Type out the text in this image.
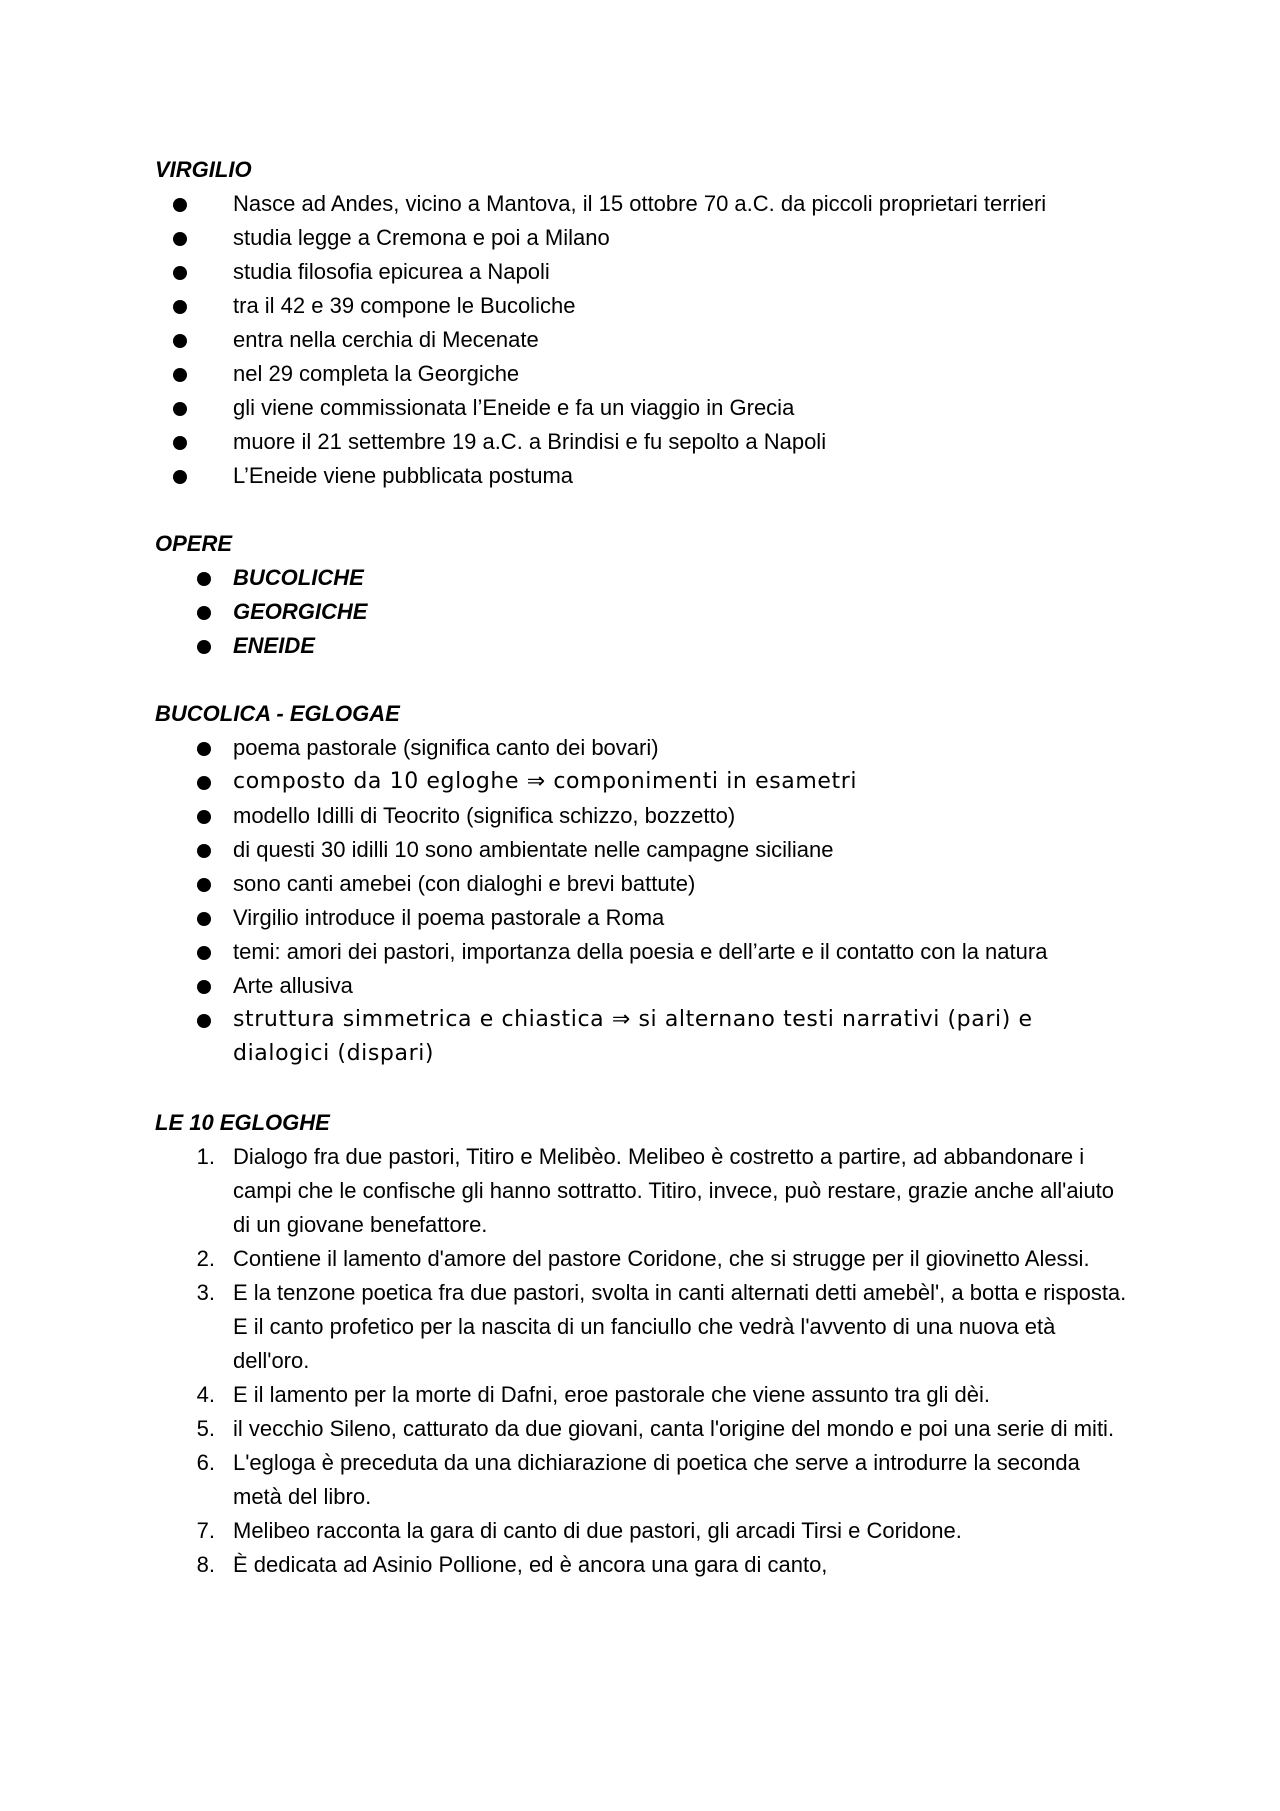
VIRGILIO
Nasce ad Andes, vicino a Mantova, il 15 ottobre 70 a.C. da piccoli proprietari terrieri
studia legge a Cremona e poi a Milano
studia filosofia epicurea a Napoli
tra il 42 e 39 compone le Bucoliche
entra nella cerchia di Mecenate
nel 29 completa la Georgiche
gli viene commissionata l’Eneide e fa un viaggio in Grecia
muore il 21 settembre 19 a.C. a Brindisi e fu sepolto a Napoli
L’Eneide viene pubblicata postuma
OPERE
BUCOLICHE
GEORGICHE
ENEIDE
BUCOLICA - EGLOGAE
poema pastorale (significa canto dei bovari)
composto da 10 egloghe ⇒ componimenti in esametri
modello Idilli di Teocrito (significa schizzo, bozzetto)
di questi 30 idilli 10 sono ambientate nelle campagne siciliane
sono canti amebei (con dialoghi e brevi battute)
Virgilio introduce il poema pastorale a Roma
temi: amori dei pastori, importanza della poesia e dell’arte e il contatto con la natura
Arte allusiva
struttura simmetrica e chiastica ⇒ si alternano testi narrativi (pari) e dialogici (dispari)
LE 10 EGLOGHE
1. Dialogo fra due pastori, Titiro e Melibèo. Melibeo è costretto a partire, ad abbandonare i campi che le confische gli hanno sottratto. Titiro, invece, può restare, grazie anche all'aiuto di un giovane benefattore.
2. Contiene il lamento d'amore del pastore Coridone, che si strugge per il giovinetto Alessi.
3. E la tenzone poetica fra due pastori, svolta in canti alternati detti amebèl', a botta e risposta. E il canto profetico per la nascita di un fanciullo che vedrà l'avvento di una nuova età dell'oro.
4. E il lamento per la morte di Dafni, eroe pastorale che viene assunto tra gli dèi.
5. il vecchio Sileno, catturato da due giovani, canta l'origine del mondo e poi una serie di miti.
6. L'egloga è preceduta da una dichiarazione di poetica che serve a introdurre la seconda metà del libro.
7. Melibeo racconta la gara di canto di due pastori, gli arcadi Tirsi e Coridone.
8. È dedicata ad Asinio Pollione, ed è ancora una gara di canto,
